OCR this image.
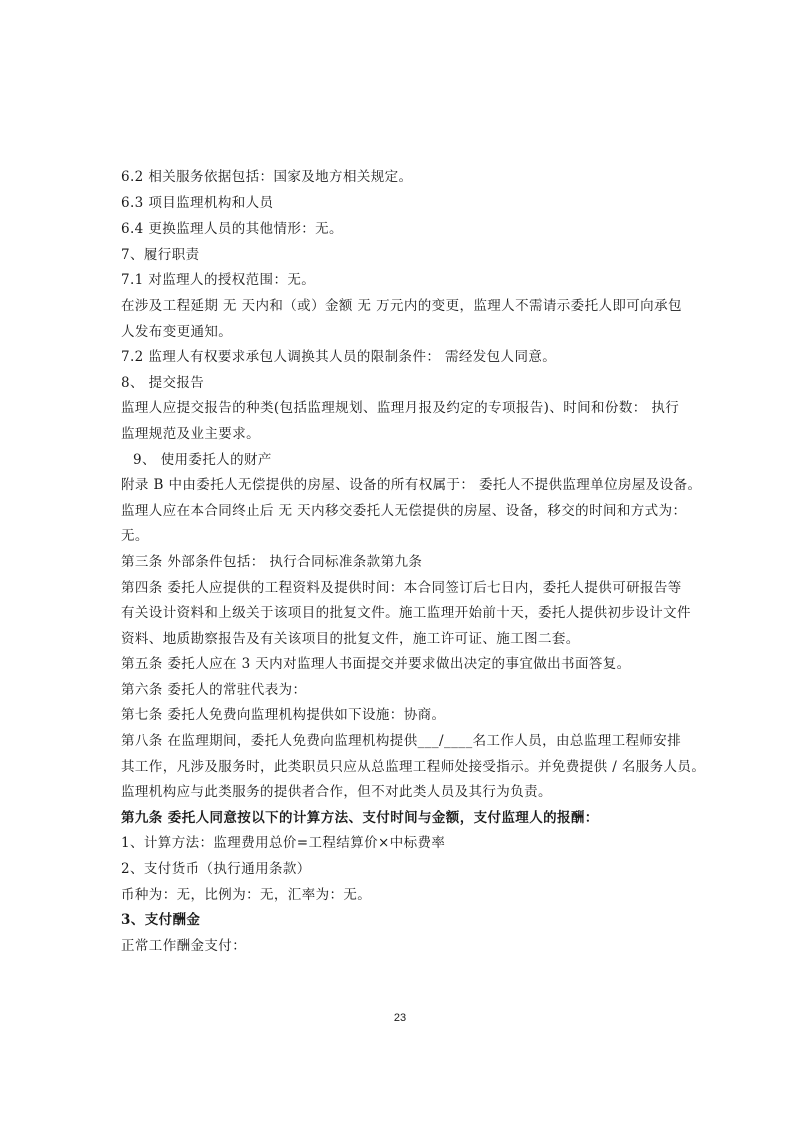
6.2 相关服务依据包括：国家及地方相关规定。
6.3 项目监理机构和人员
6.4 更换监理人员的其他情形：无。
7、履行职责
7.1 对监理人的授权范围：无。
在涉及工程延期 无 天内和（或）金额 无 万元内的变更，监理人不需请示委托人即可向承包
人发布变更通知。
7.2 监理人有权要求承包人调换其人员的限制条件： 需经发包人同意。
8、 提交报告
监理人应提交报告的种类(包括监理规划、监理月报及约定的专项报告)、时间和份数： 执行
监理规范及业主要求。
9、 使用委托人的财产
附录 B 中由委托人无偿提供的房屋、设备的所有权属于： 委托人不提供监理单位房屋及设备。
监理人应在本合同终止后 无 天内移交委托人无偿提供的房屋、设备，移交的时间和方式为：
无。
第三条 外部条件包括： 执行合同标准条款第九条
第四条 委托人应提供的工程资料及提供时间：本合同签订后七日内，委托人提供可研报告等
有关设计资料和上级关于该项目的批复文件。施工监理开始前十天，委托人提供初步设计文件
资料、地质勘察报告及有关该项目的批复文件，施工许可证、施工图二套。
第五条 委托人应在 3 天内对监理人书面提交并要求做出决定的事宜做出书面答复。
第六条 委托人的常驻代表为：
第七条 委托人免费向监理机构提供如下设施：协商。
第八条 在监理期间，委托人免费向监理机构提供___/____名工作人员，由总监理工程师安排
其工作，凡涉及服务时，此类职员只应从总监理工程师处接受指示。并免费提供 / 名服务人员。
监理机构应与此类服务的提供者合作，但不对此类人员及其行为负责。
第九条 委托人同意按以下的计算方法、支付时间与金额，支付监理人的报酬：
1、计算方法：监理费用总价=工程结算价×中标费率
2、支付货币（执行通用条款）
币种为：无，比例为：无，汇率为：无。
3、支付酬金
正常工作酬金支付：
23
